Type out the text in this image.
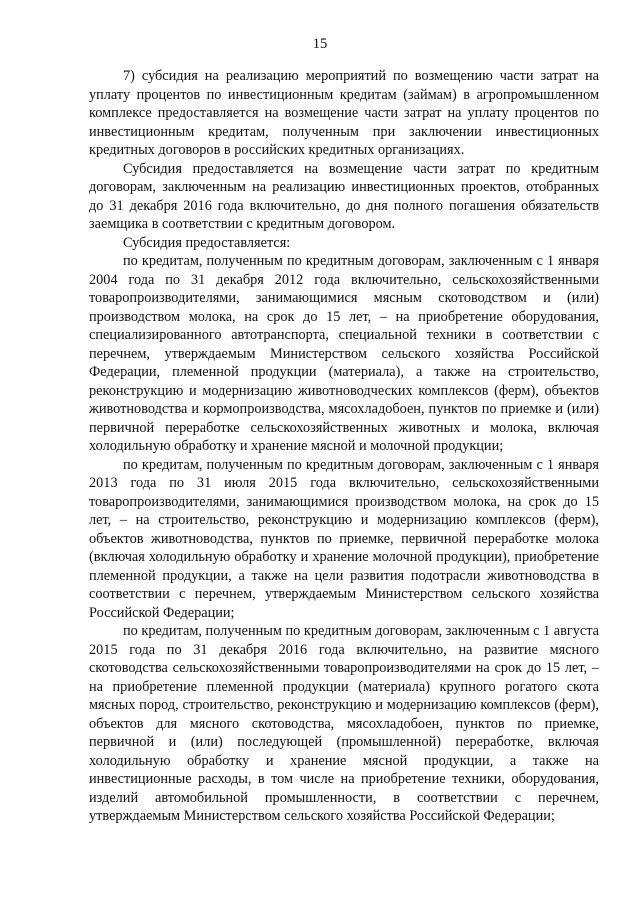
15

7) субсидия на реализацию мероприятий по возмещению части затрат на уплату процентов по инвестиционным кредитам (займам) в агропромышленном комплексе предоставляется на возмещение части затрат на уплату процентов по инвестиционным кредитам, полученным при заключении инвестиционных кредитных договоров в российских кредитных организациях.

Субсидия предоставляется на возмещение части затрат по кредитным договорам, заключенным на реализацию инвестиционных проектов, отобранных до 31 декабря 2016 года включительно, до дня полного погашения обязательств заемщика в соответствии с кредитным договором.

Субсидия предоставляется:

по кредитам, полученным по кредитным договорам, заключенным с 1 января 2004 года по 31 декабря 2012 года включительно, сельскохозяйственными товаропроизводителями, занимающимися мясным скотоводством и (или) производством молока, на срок до 15 лет, – на приобретение оборудования, специализированного автотранспорта, специальной техники в соответствии с перечнем, утверждаемым Министерством сельского хозяйства Российской Федерации, племенной продукции (материала), а также на строительство, реконструкцию и модернизацию животноводческих комплексов (ферм), объектов животноводства и кормопроизводства, мясохладобоен, пунктов по приемке и (или) первичной переработке сельскохозяйственных животных и молока, включая холодильную обработку и хранение мясной и молочной продукции;

по кредитам, полученным по кредитным договорам, заключенным с 1 января 2013 года по 31 июля 2015 года включительно, сельскохозяйственными товаропроизводителями, занимающимися производством молока, на срок до 15 лет, – на строительство, реконструкцию и модернизацию комплексов (ферм), объектов животноводства, пунктов по приемке, первичной переработке молока (включая холодильную обработку и хранение молочной продукции), приобретение племенной продукции, а также на цели развития подотрасли животноводства в соответствии с перечнем, утверждаемым Министерством сельского хозяйства Российской Федерации;

по кредитам, полученным по кредитным договорам, заключенным с 1 августа 2015 года по 31 декабря 2016 года включительно, на развитие мясного скотоводства сельскохозяйственными товаропроизводителями на срок до 15 лет, – на приобретение племенной продукции (материала) крупного рогатого скота мясных пород, строительство, реконструкцию и модернизацию комплексов (ферм), объектов для мясного скотоводства, мясохладобоен, пунктов по приемке, первичной и (или) последующей (промышленной) переработке, включая холодильную обработку и хранение мясной продукции, а также на инвестиционные расходы, в том числе на приобретение техники, оборудования, изделий автомобильной промышленности, в соответствии с перечнем, утверждаемым Министерством сельского хозяйства Российской Федерации;
